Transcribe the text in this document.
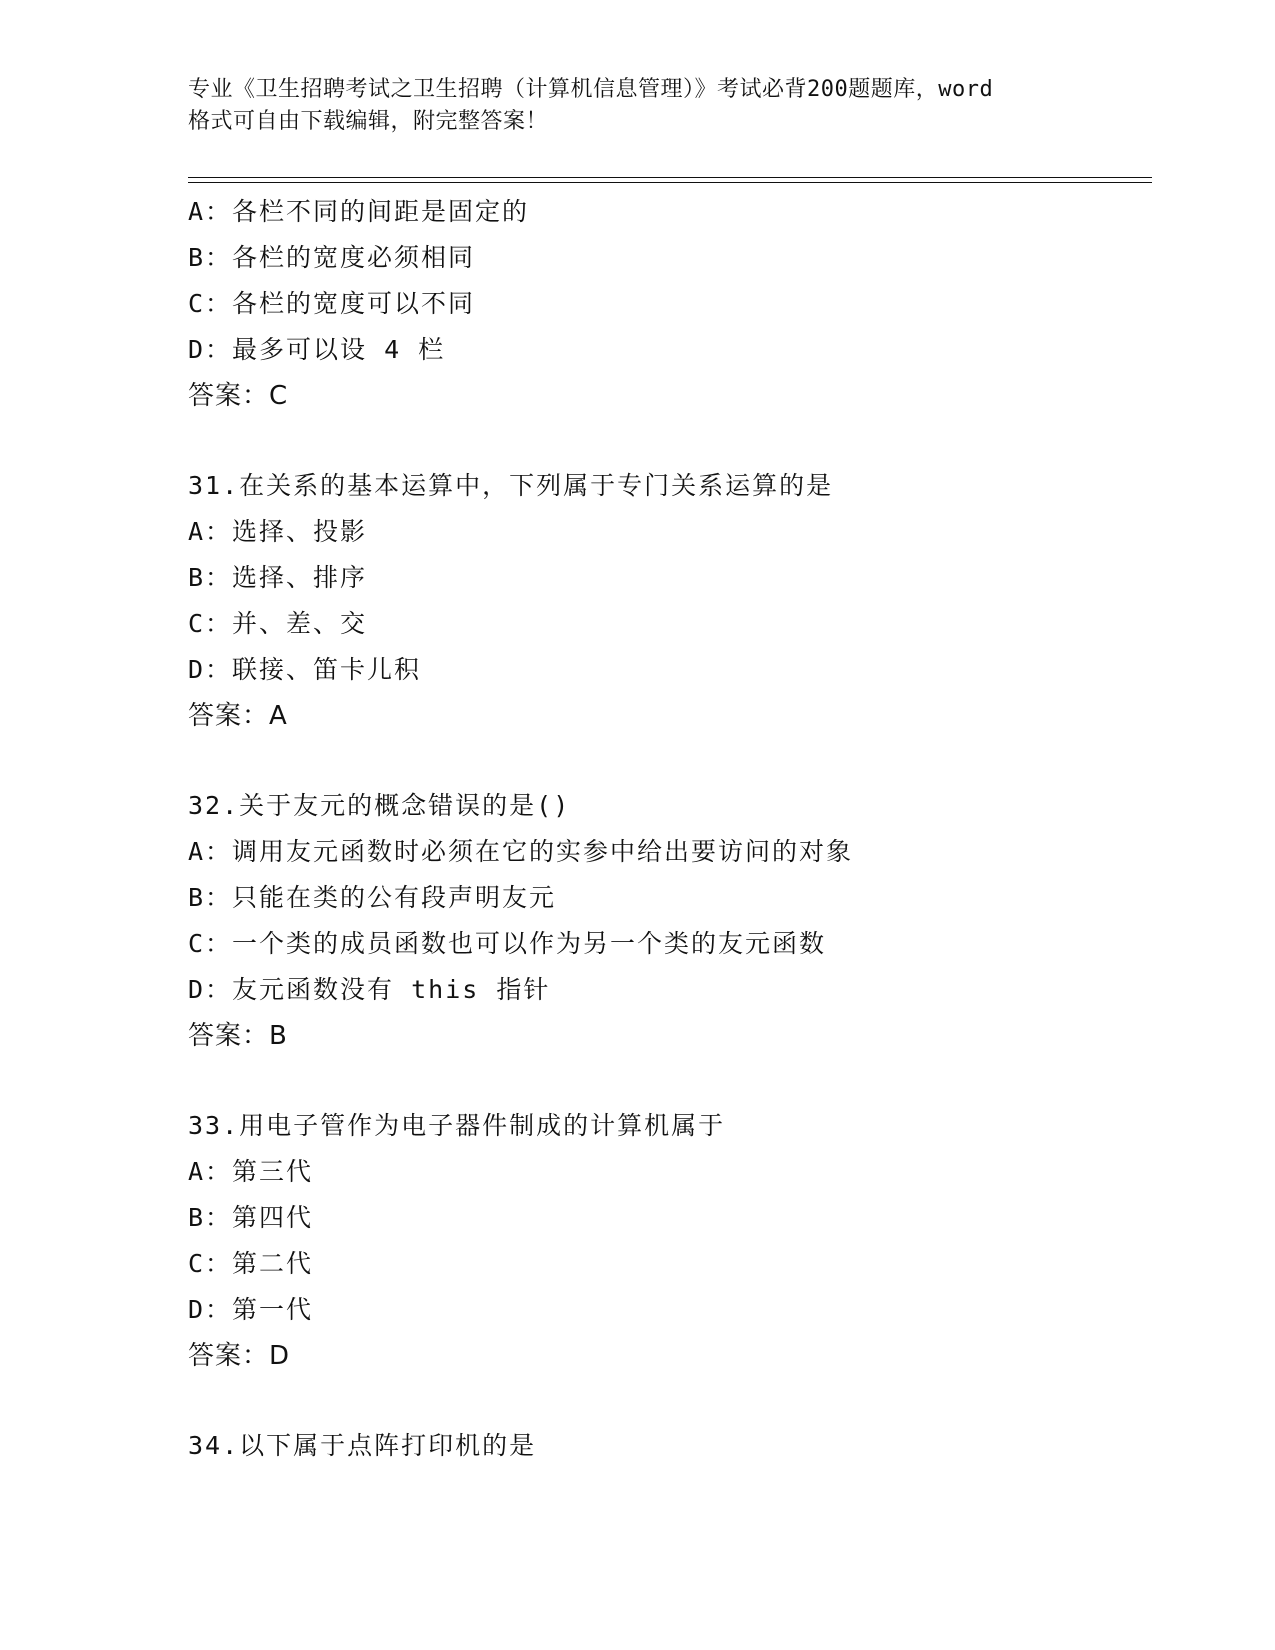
专业《卫生招聘考试之卫生招聘（计算机信息管理）》考试必背200题题库，word
格式可自由下载编辑，附完整答案！
A：各栏不同的间距是固定的
B：各栏的宽度必须相同
C：各栏的宽度可以不同
D：最多可以设 4 栏
答案：C
31.在关系的基本运算中，下列属于专门关系运算的是
A：选择、投影
B：选择、排序
C：并、差、交
D：联接、笛卡儿积
答案：A
32.关于友元的概念错误的是()
A：调用友元函数时必须在它的实参中给出要访问的对象
B：只能在类的公有段声明友元
C：一个类的成员函数也可以作为另一个类的友元函数
D：友元函数没有 this 指针
答案：B
33.用电子管作为电子器件制成的计算机属于
A：第三代
B：第四代
C：第二代
D：第一代
答案：D
34.以下属于点阵打印机的是
